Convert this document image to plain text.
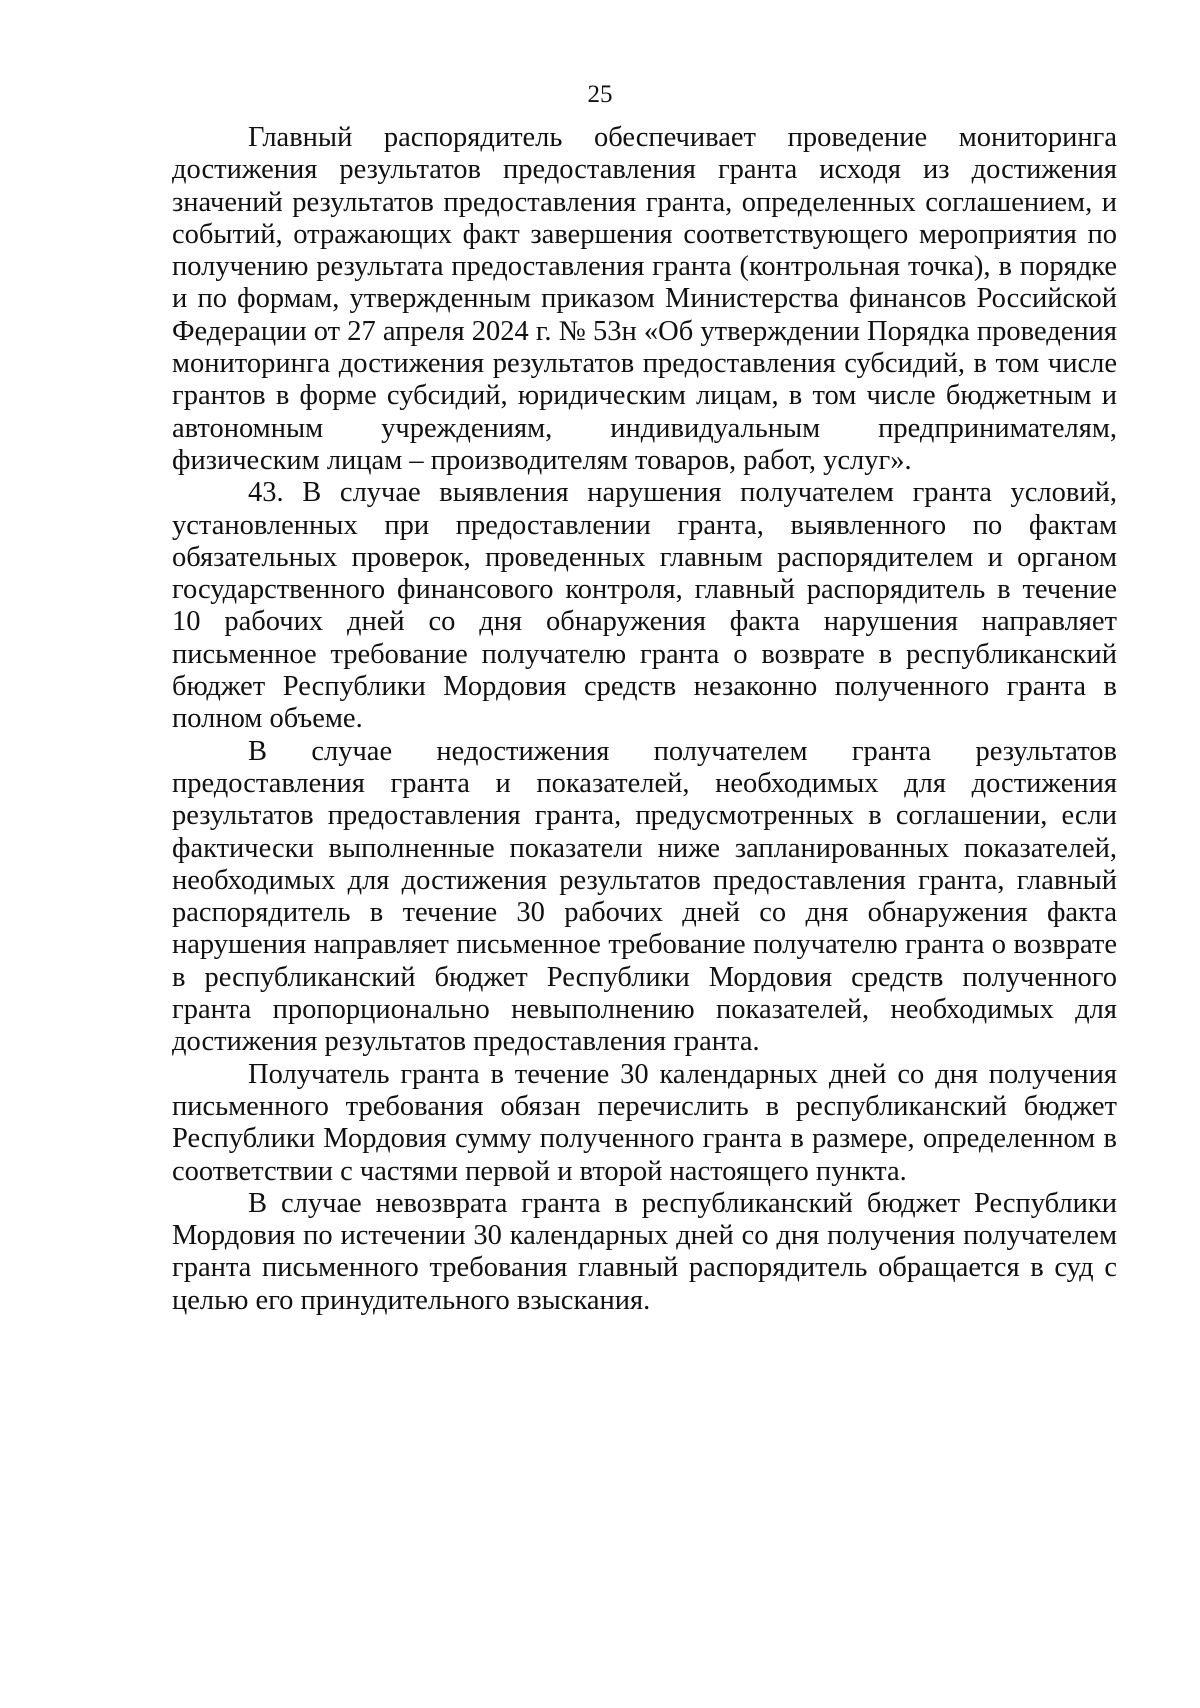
25

Главный распорядитель обеспечивает проведение мониторинга достижения результатов предоставления гранта исходя из достижения значений результатов предоставления гранта, определенных соглашением, и событий, отражающих факт завершения соответствующего мероприятия по получению результата предоставления гранта (контрольная точка), в порядке и по формам, утвержденным приказом Министерства финансов Российской Федерации от 27 апреля 2024 г. № 53н «Об утверждении Порядка проведения мониторинга достижения результатов предоставления субсидий, в том числе грантов в форме субсидий, юридическим лицам, в том числе бюджетным и автономным учреждениям, индивидуальным предпринимателям, физическим лицам – производителям товаров, работ, услуг».

43. В случае выявления нарушения получателем гранта условий, установленных при предоставлении гранта, выявленного по фактам обязательных проверок, проведенных главным распорядителем и органом государственного финансового контроля, главный распорядитель в течение 10 рабочих дней со дня обнаружения факта нарушения направляет письменное требование получателю гранта о возврате в республиканский бюджет Республики Мордовия средств незаконно полученного гранта в полном объеме.

В случае недостижения получателем гранта результатов предоставления гранта и показателей, необходимых для достижения результатов предоставления гранта, предусмотренных в соглашении, если фактически выполненные показатели ниже запланированных показателей, необходимых для достижения результатов предоставления гранта, главный распорядитель в течение 30 рабочих дней со дня обнаружения факта нарушения направляет письменное требование получателю гранта о возврате в республиканский бюджет Республики Мордовия средств полученного гранта пропорционально невыполнению показателей, необходимых для достижения результатов предоставления гранта.

Получатель гранта в течение 30 календарных дней со дня получения письменного требования обязан перечислить в республиканский бюджет Республики Мордовия сумму полученного гранта в размере, определенном в соответствии с частями первой и второй настоящего пункта.

В случае невозврата гранта в республиканский бюджет Республики Мордовия по истечении 30 календарных дней со дня получения получателем гранта письменного требования главный распорядитель обращается в суд с целью его принудительного взыскания.
